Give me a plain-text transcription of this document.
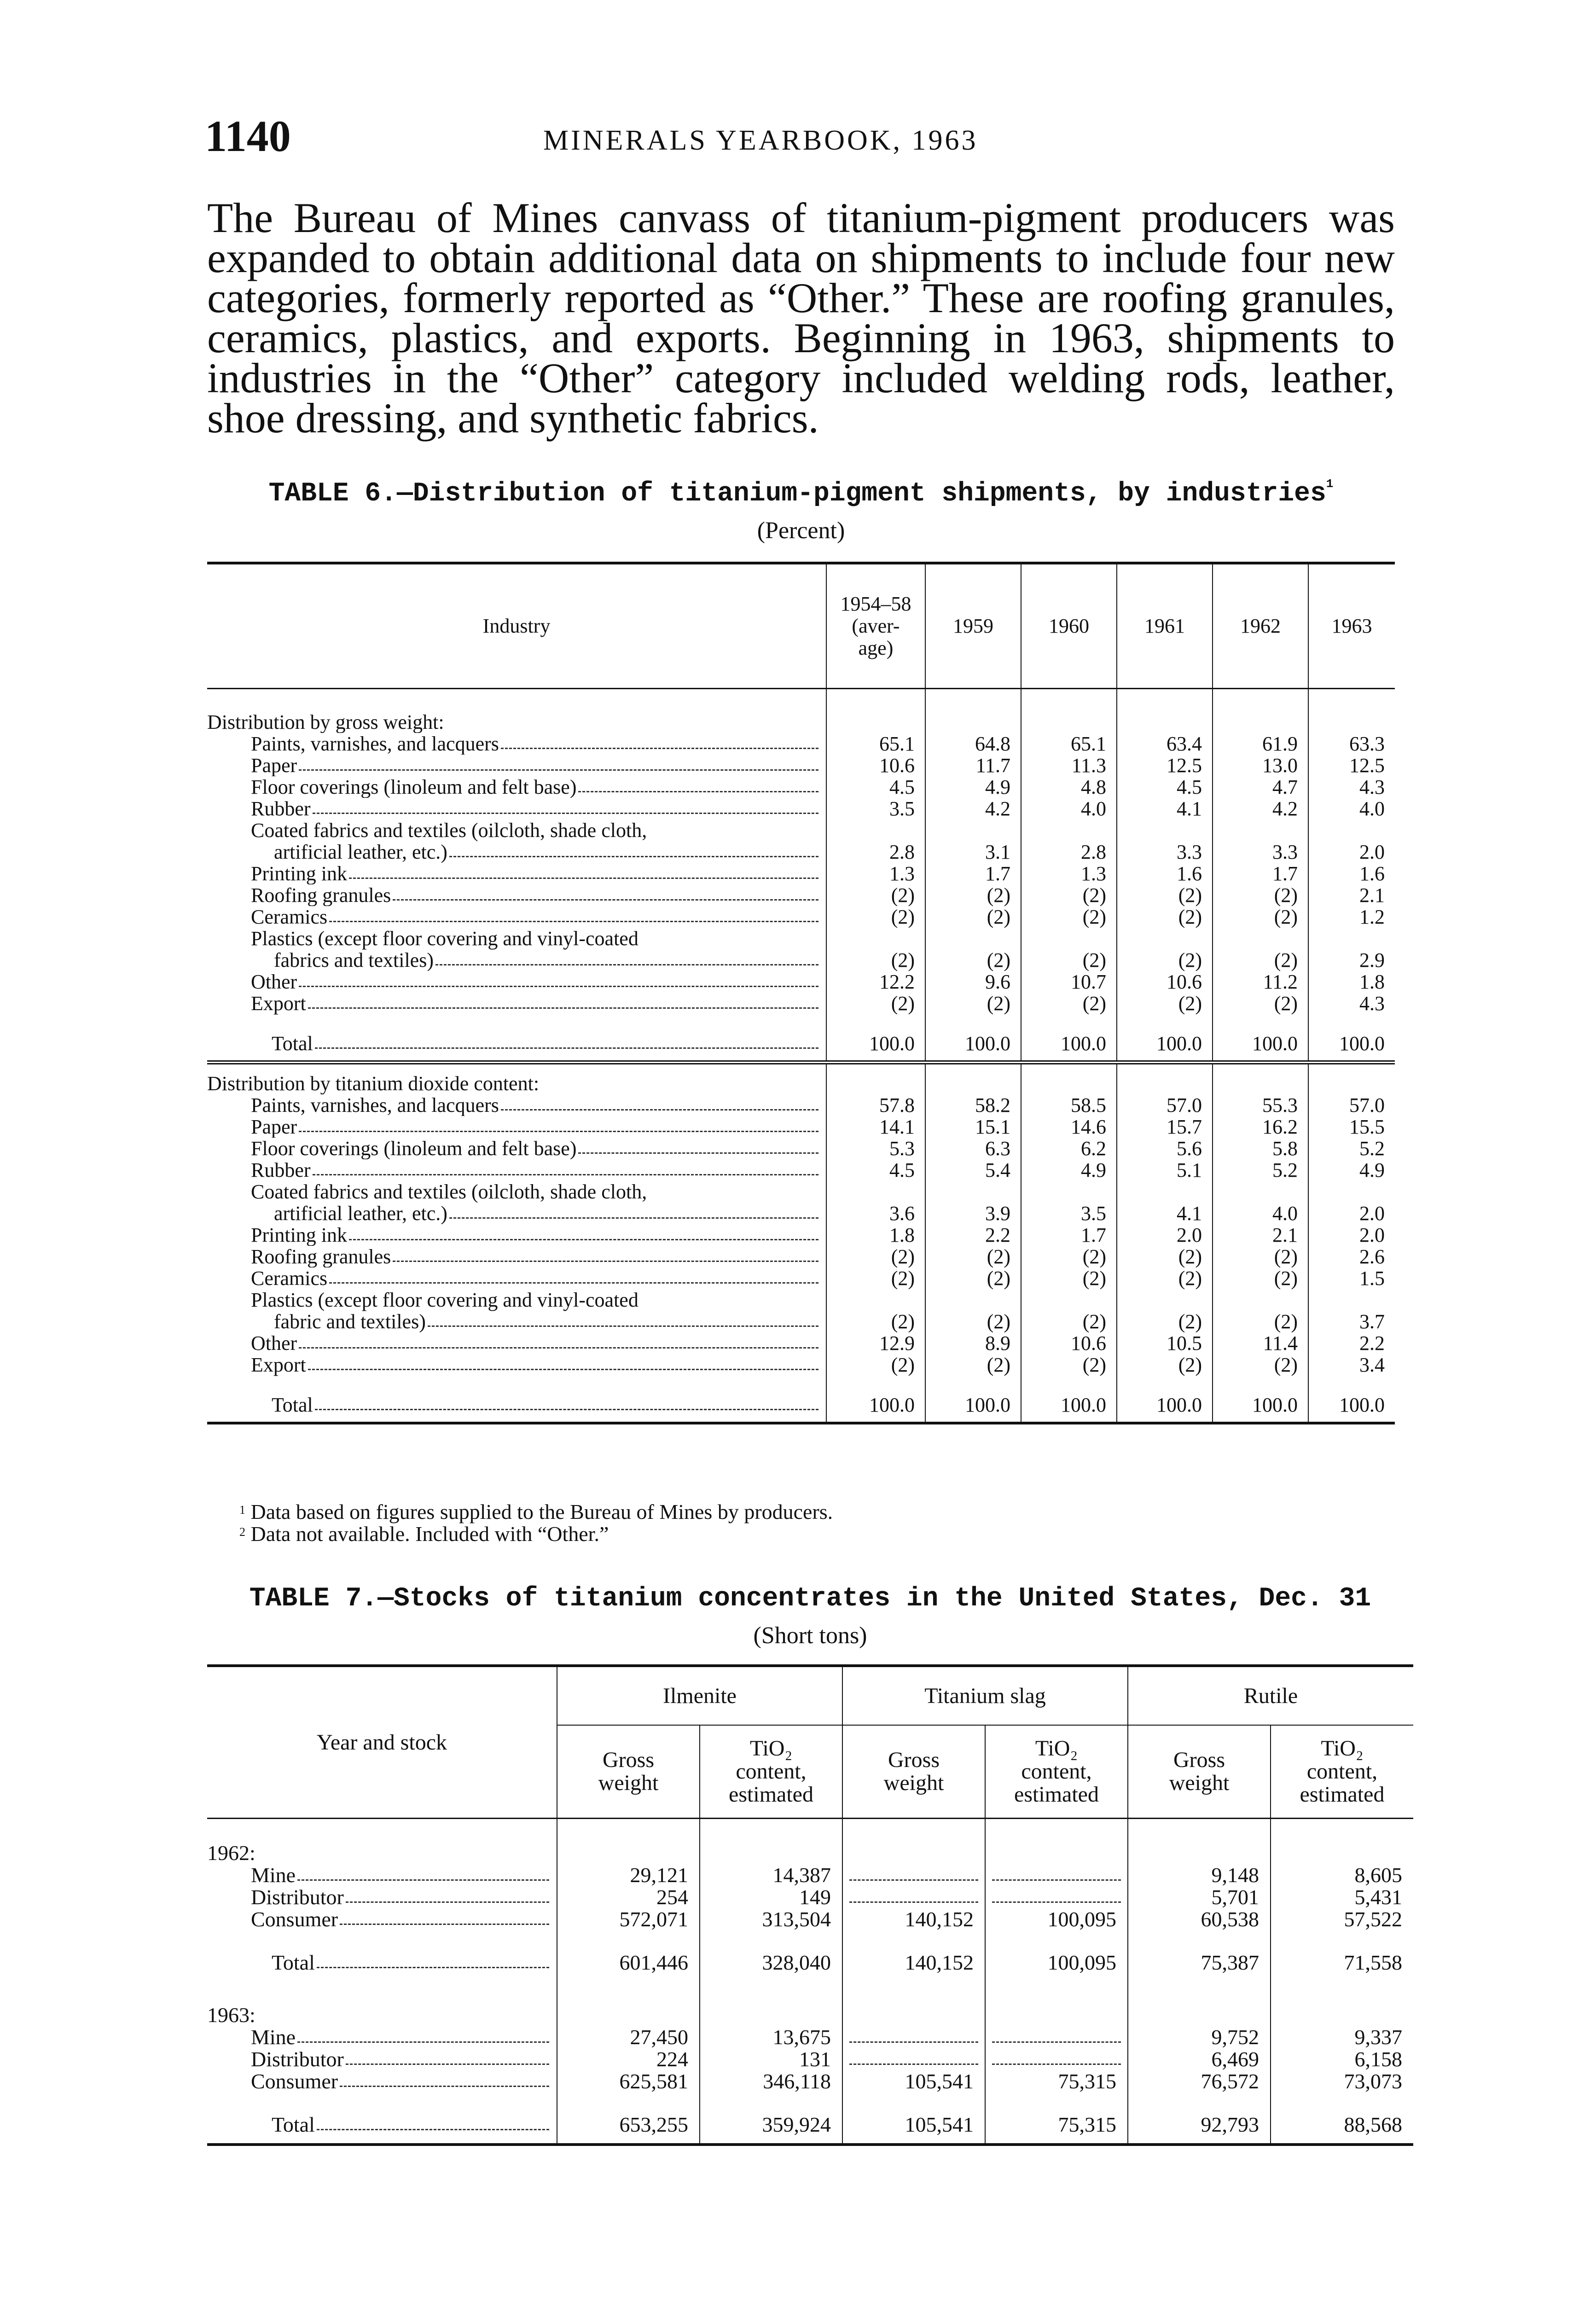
1140	MINERALS YEARBOOK, 1963

The Bureau of Mines canvass of titanium-pigment producers was expanded to obtain additional data on shipments to include four new categories, formerly reported as “Other.” These are roofing granules, ceramics, plastics, and exports. Beginning in 1963, shipments to industries in the “Other” category included welding rods, leather, shoe dressing, and synthetic fabrics.

TABLE 6.—Distribution of titanium-pigment shipments, by industries$^1$
(Percent)
Industry	1954–58
(aver-
age)	1959	1960	1961	1962	1963

Distribution by gross weight:						

Paints, varnishes, and lacquers	65.1	64.8	65.1	63.4	61.9	63.3

Paper	10.6	11.7	11.3	12.5	13.0	12.5

Floor coverings (linoleum and felt base)	4.5	4.9	4.8	4.5	4.7	4.3

Rubber	3.5	4.2	4.0	4.1	4.2	4.0

Coated fabrics and textiles (oilcloth, shade cloth,
artificial leather, etc.)	2.8	3.1	2.8	3.3	3.3	2.0

Printing ink	1.3	1.7	1.3	1.6	1.7	1.6

Roofing granules	(2)	(2)	(2)	(2)	(2)	2.1

Ceramics	(2)	(2)	(2)	(2)	(2)	1.2

Plastics (except floor covering and vinyl-coated
fabrics and textiles)	(2)	(2)	(2)	(2)	(2)	2.9

Other	12.2	9.6	10.7	10.6	11.2	1.8

Export	(2)	(2)	(2)	(2)	(2)	4.3

Total	100.0	100.0	100.0	100.0	100.0	100.0

Distribution by titanium dioxide content:						

Paints, varnishes, and lacquers	57.8	58.2	58.5	57.0	55.3	57.0

Paper	14.1	15.1	14.6	15.7	16.2	15.5

Floor coverings (linoleum and felt base)	5.3	6.3	6.2	5.6	5.8	5.2

Rubber	4.5	5.4	4.9	5.1	5.2	4.9

Coated fabrics and textiles (oilcloth, shade cloth,
artificial leather, etc.)	3.6	3.9	3.5	4.1	4.0	2.0

Printing ink	1.8	2.2	1.7	2.0	2.1	2.0

Roofing granules	(2)	(2)	(2)	(2)	(2)	2.6

Ceramics	(2)	(2)	(2)	(2)	(2)	1.5

Plastics (except floor covering and vinyl-coated
fabric and textiles)	(2)	(2)	(2)	(2)	(2)	3.7

Other	12.9	8.9	10.6	10.5	11.4	2.2

Export	(2)	(2)	(2)	(2)	(2)	3.4

Total	100.0	100.0	100.0	100.0	100.0	100.0
$^1$ Data based on figures supplied to the Bureau of Mines by producers.
$^2$ Data not available. Included with “Other.”
TABLE 7.—Stocks of titanium concentrates in the United States, Dec. 31
(Short tons)
Year and stock	Ilmenite		Titanium slag		Rutile	
	Gross
weight	TiO₂
content,
estimated	Gross
weight	TiO₂
content,
estimated	Gross
weight	TiO₂
content,
estimated
1962:						

Mine	29,121	14,387			9,148	8,605

Distributor	254	149			5,701	5,431

Consumer	572,071	313,504	140,152	100,095	60,538	57,522

Total	601,446	328,040	140,152	100,095	75,387	71,558
1963:						

Mine	27,450	13,675			9,752	9,337

Distributor	224	131			6,469	6,158

Consumer	625,581	346,118	105,541	75,315	76,572	73,073

Total	653,255	359,924	105,541	75,315	92,793	88,568
